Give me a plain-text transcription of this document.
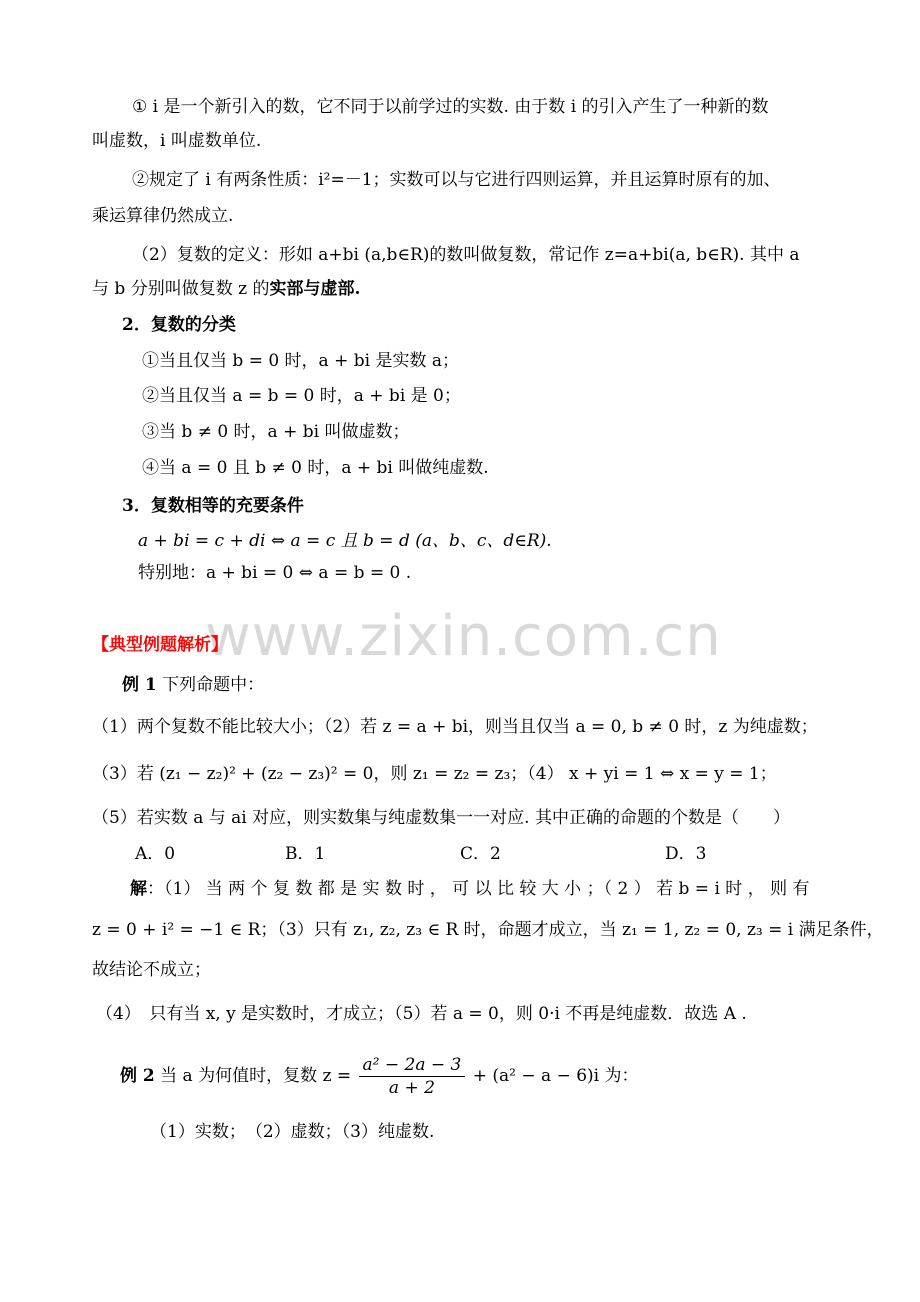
www.zixin.com.cn
① i 是一个新引入的数，它不同于以前学过的实数. 由于数 i 的引入产生了一种新的数
叫虚数，i 叫虚数单位.
②规定了 i 有两条性质：i²=－1；实数可以与它进行四则运算，并且运算时原有的加、
乘运算律仍然成立.
（2）复数的定义：形如 a+bi (a,b∈R)的数叫做复数，常记作 z=a+bi(a, b∈R). 其中 a
与 b 分别叫做复数 z 的实部与虚部.
2．复数的分类
①当且仅当 b = 0 时，a + bi 是实数 a；
②当且仅当 a = b = 0 时，a + bi 是 0；
③当 b ≠ 0 时，a + bi 叫做虚数；
④当 a = 0 且 b ≠ 0 时，a + bi 叫做纯虚数.
3．复数相等的充要条件
a + bi = c + di ⇔ a = c 且 b = d (a、b、c、d∈R).
特别地：a + bi = 0 ⇔ a = b = 0 .
【典型例题解析】
例 1 下列命题中：
（1）两个复数不能比较大小；（2）若 z = a + bi，则当且仅当 a = 0, b ≠ 0 时，z 为纯虚数；
（3）若 (z₁ − z₂)² + (z₂ − z₃)² = 0，则 z₁ = z₂ = z₃；（4） x + yi = 1 ⇔ x = y = 1；
（5）若实数 a 与 ai 对应，则实数集与纯虚数集一一对应. 其中正确的命题的个数是（　　）
A．0	B．1	C．2	D．3
解：（1） 当 两 个 复 数 都 是 实 数 时 ， 可 以 比 较 大 小 ；（ 2 ） 若 b = i 时 ， 则 有
z = 0 + i² = −1 ∈ R；（3）只有 z₁, z₂, z₃ ∈ R 时，命题才成立，当 z₁ = 1, z₂ = 0, z₃ = i 满足条件，
故结论不成立；
（4）　只有当 x, y 是实数时，才成立；（5）若 a = 0，则 0·i 不再是纯虚数．故选 A .
例 2 当 a 为何值时，复数 $z = \frac{\text{a² − 2a − 3}}{a + 2} + (a^2 - a - 6)i$ 为：
（1）实数；　（2）虚数；（3）纯虚数.
